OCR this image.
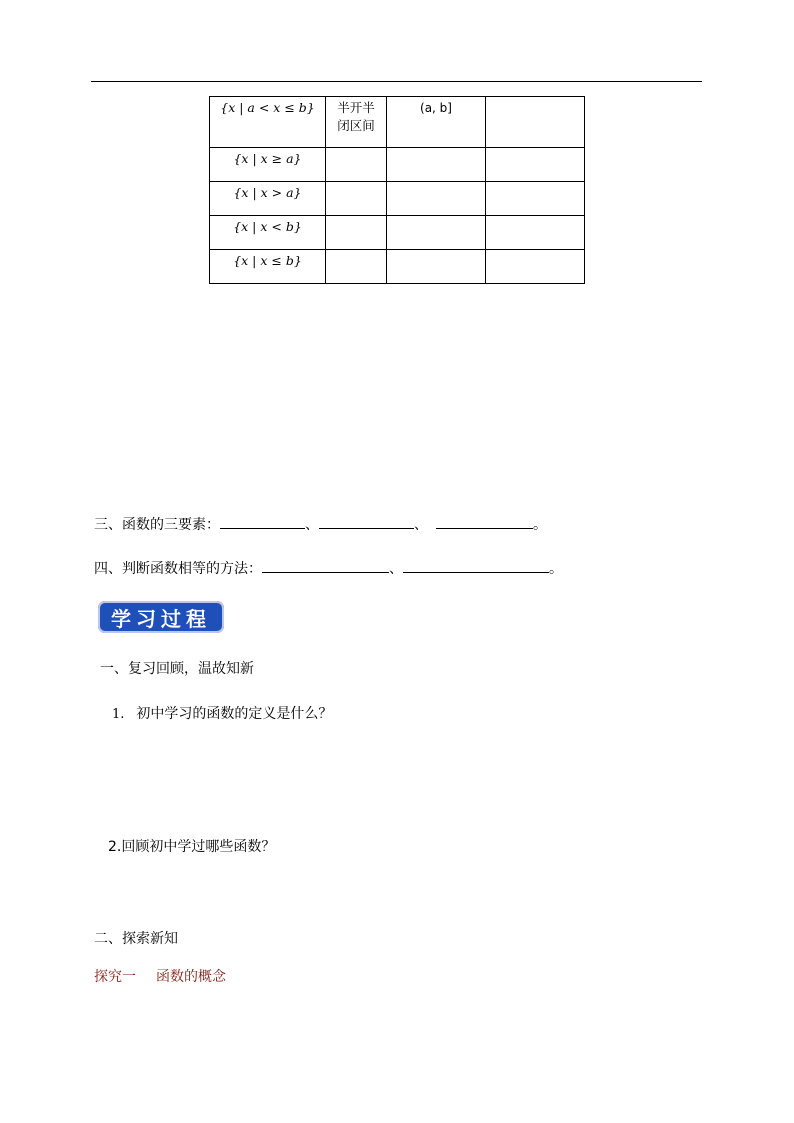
{x | a < x ≤ b}	半开半闭区间	(a, b]	
{x | x ≥ a}			
{x | x > a}			
{x | x < b}			
{x | x ≤ b}			
三、函数的三要素：	、	、	。
四、判断函数相等的方法：	、	。
学习过程
一、复习回顾，温故知新
1. 初中学习的函数的定义是什么？
2.回顾初中学过哪些函数？
二、探索新知
探究一 函数的概念
